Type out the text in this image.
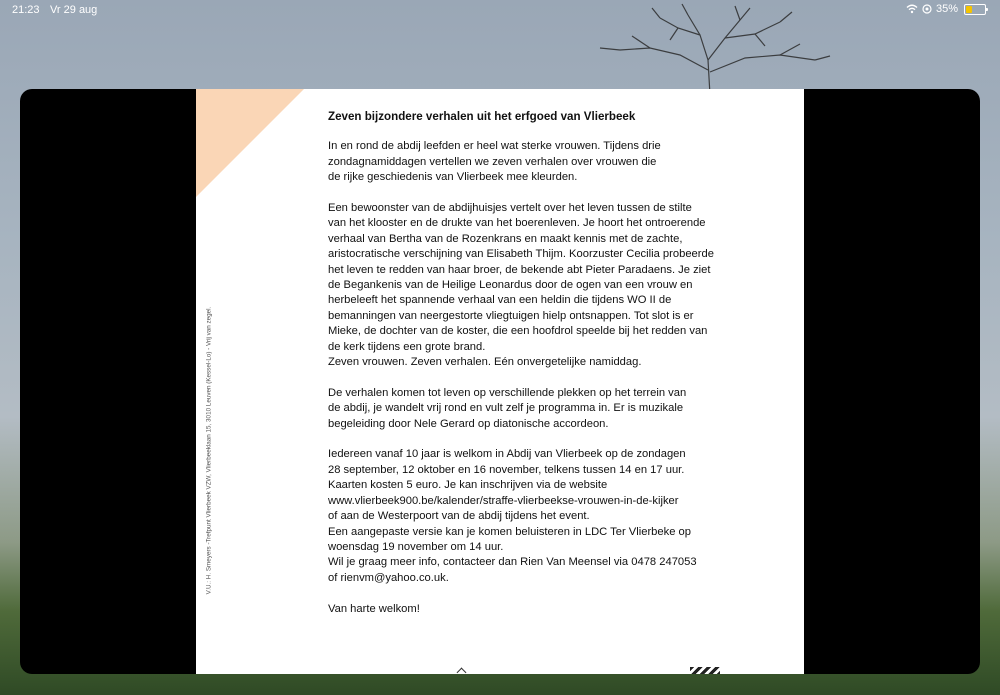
21:23 Vr 29 aug	35%
V.U.: H. Smeyers -Trefpunt Vlierbeek VZW, Vlierbeeklaan 15, 3010 Leuven (Kessel-Lo) - Vrij van zegel.
Zeven bijzondere verhalen uit het erfgoed van Vlierbeek
In en rond de abdij leefden er heel wat sterke vrouwen. Tijdens drie
zondagnamiddagen vertellen we zeven verhalen over vrouwen die
de rijke geschiedenis van Vlierbeek mee kleurden.
Een bewoonster van de abdijhuisjes vertelt over het leven tussen de stilte
van het klooster en de drukte van het boerenleven. Je hoort het ontroerende
verhaal van Bertha van de Rozenkrans en maakt kennis met de zachte,
aristocratische verschijning van Elisabeth Thijm. Koorzuster Cecilia probeerde
het leven te redden van haar broer, de bekende abt Pieter Paradaens. Je ziet
de Begankenis van de Heilige Leonardus door de ogen van een vrouw en
herbeleeft het spannende verhaal van een heldin die tijdens WO II de
bemanningen van neergestorte vliegtuigen hielp ontsnappen. Tot slot is er
Mieke, de dochter van de koster, die een hoofdrol speelde bij het redden van
de kerk tijdens een grote brand.
Zeven vrouwen. Zeven verhalen. Eén onvergetelijke namiddag.
De verhalen komen tot leven op verschillende plekken op het terrein van
de abdij, je wandelt vrij rond en vult zelf je programma in. Er is muzikale
begeleiding door Nele Gerard op diatonische accordeon.
Iedereen vanaf 10 jaar is welkom in Abdij van Vlierbeek op de zondagen
28 september, 12 oktober en 16 november, telkens tussen 14 en 17 uur.
Kaarten kosten 5 euro. Je kan inschrijven via de website
www.vlierbeek900.be/kalender/straffe-vlierbeekse-vrouwen-in-de-kijker
of aan de Westerpoort van de abdij tijdens het event.
Een aangepaste versie kan je komen beluisteren in LDC Ter Vlierbeke op
woensdag 19 november om 14 uur.
Wil je graag meer info, contacteer dan Rien Van Meensel via 0478 247053
of rienvm@yahoo.co.uk.
Van harte welkom!
